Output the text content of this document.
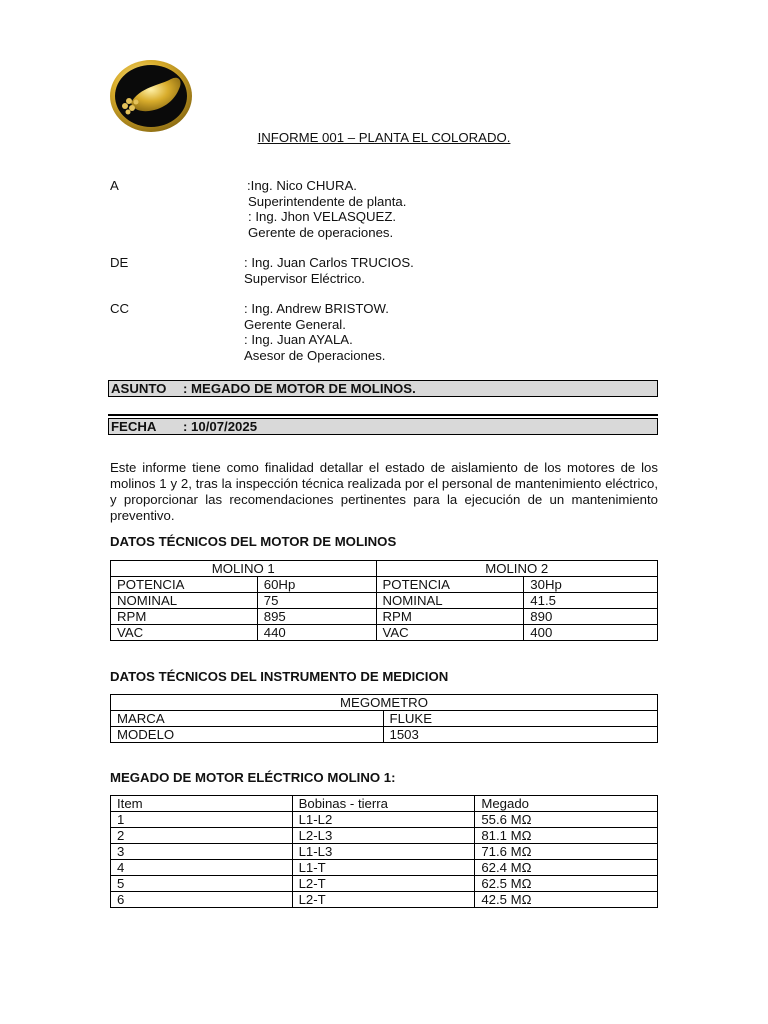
INFORME 001 – PLANTA EL COLORADO.
A	:Ing. Nico CHURA.
Superintendente de planta.
: Ing. Jhon VELASQUEZ.
Gerente de operaciones.
DE	: Ing. Juan Carlos TRUCIOS.
Supervisor Eléctrico.
CC	: Ing. Andrew BRISTOW.
Gerente General.
: Ing. Juan AYALA.
Asesor de Operaciones.
ASUNTO : MEGADO DE MOTOR DE MOLINOS.
FECHA : 10/07/2025
Este informe tiene como finalidad detallar el estado de aislamiento de los motores de los molinos 1 y 2, tras la inspección técnica realizada por el personal de mantenimiento eléctrico, y proporcionar las recomendaciones pertinentes para la ejecución de un mantenimiento preventivo.
DATOS TÉCNICOS DEL MOTOR DE MOLINOS
MOLINO 1		MOLINO 2	
POTENCIA	60Hp	POTENCIA	30Hp
NOMINAL	75	NOMINAL	41.5
RPM	895	RPM	890
VAC	440	VAC	400
DATOS TÉCNICOS DEL INSTRUMENTO DE MEDICION
MEGOMETRO	
MARCA	FLUKE
MODELO	1503
MEGADO DE MOTOR ELÉCTRICO MOLINO 1:
Item	Bobinas - tierra	Megado
1	L1-L2	55.6 MΩ
2	L2-L3	81.1 MΩ
3	L1-L3	71.6 MΩ
4	L1-T	62.4 MΩ
5	L2-T	62.5 MΩ
6	L2-T	42.5 MΩ
